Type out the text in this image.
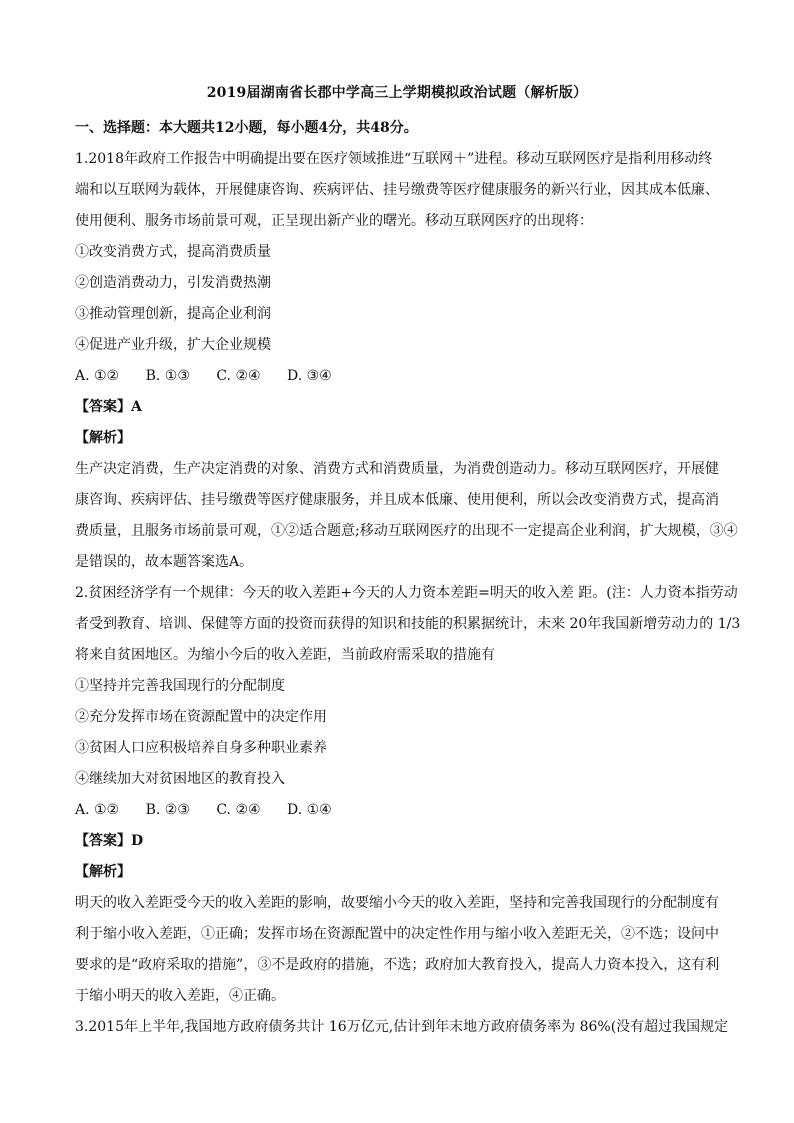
2019届湖南省长郡中学高三上学期模拟政治试题（解析版）
一、选择题：本大题共12小题，每小题4分，共48分。
1.2018年政府工作报告中明确提出要在医疗领域推进“互联网＋”进程。移动互联网医疗是指利用移动终
端和以互联网为载体，开展健康咨询、疾病评估、挂号缴费等医疗健康服务的新兴行业，因其成本低廉、
使用便利、服务市场前景可观，正呈现出新产业的曙光。移动互联网医疗的出现将：
①改变消费方式，提高消费质量
②创造消费动力，引发消费热潮
③推动管理创新，提高企业利润
④促进产业升级，扩大企业规模
A. ①② B. ①③ C. ②④ D. ③④
【答案】A
【解析】
生产决定消费，生产决定消费的对象、消费方式和消费质量，为消费创造动力。移动互联网医疗，开展健
康咨询、疾病评估、挂号缴费等医疗健康服务，并且成本低廉、使用便利，所以会改变消费方式，提高消
费质量，且服务市场前景可观，①②适合题意;移动互联网医疗的出现不一定提高企业利润，扩大规模，③④
是错误的，故本题答案选A。
2.贫困经济学有一个规律：今天的收入差距+今天的人力资本差距=明天的收入差 距。(注：人力资本指劳动
者受到教育、培训、保健等方面的投资而获得的知识和技能的积累据统计，未来 20年我国新增劳动力的 1/3
将来自贫困地区。为缩小今后的收入差距，当前政府需采取的措施有
①坚持并完善我国现行的分配制度
②充分发挥市场在资源配置中的决定作用
③贫困人口应积极培养自身多种职业素养
④继续加大对贫困地区的教育投入
A. ①② B. ②③ C. ②④ D. ①④
【答案】D
【解析】
明天的收入差距受今天的收入差距的影响，故要缩小今天的收入差距，坚持和完善我国现行的分配制度有
利于缩小收入差距，①正确；发挥市场在资源配置中的决定性作用与缩小收入差距无关，②不选；设问中
要求的是“政府采取的措施”，③不是政府的措施，不选；政府加大教育投入，提高人力资本投入，这有利
于缩小明天的收入差距，④正确。
3.2015年上半年,我国地方政府债务共计 16万亿元,估计到年末地方政府债务率为 86%(没有超过我国规定
